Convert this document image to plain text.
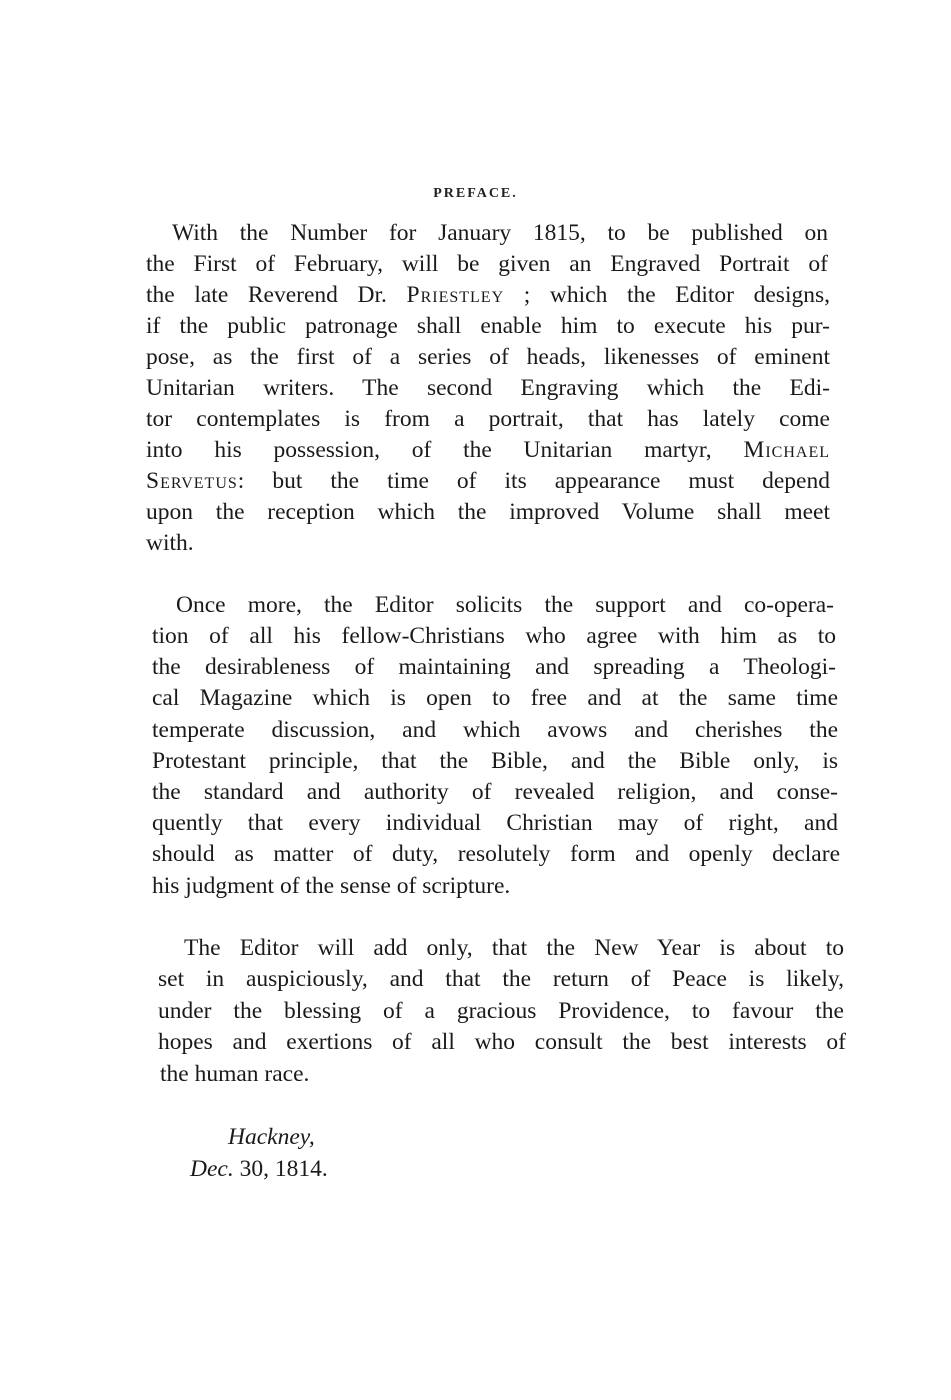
PREFACE.
With the Number for January 1815, to be published on
the First of February, will be given an Engraved Portrait of
the late Reverend Dr. Priestley ; which the Editor designs,
if the public patronage shall enable him to execute his pur-
pose, as the first of a series of heads, likenesses of eminent
Unitarian writers. The second Engraving which the Edi-
tor contemplates is from a portrait, that has lately come
into his possession, of the Unitarian martyr, Michael
Servetus: but the time of its appearance must depend
upon the reception which the improved Volume shall meet
with.
Once more, the Editor solicits the support and co-opera-
tion of all his fellow-Christians who agree with him as to
the desirableness of maintaining and spreading a Theologi-
cal Magazine which is open to free and at the same time
temperate discussion, and which avows and cherishes the
Protestant principle, that the Bible, and the Bible only, is
the standard and authority of revealed religion, and conse-
quently that every individual Christian may of right, and
should as matter of duty, resolutely form and openly declare
his judgment of the sense of scripture.
The Editor will add only, that the New Year is about to
set in auspiciously, and that the return of Peace is likely,
under the blessing of a gracious Providence, to favour the
hopes and exertions of all who consult the best interests of
the human race.
Hackney,
Dec. 30, 1814.
